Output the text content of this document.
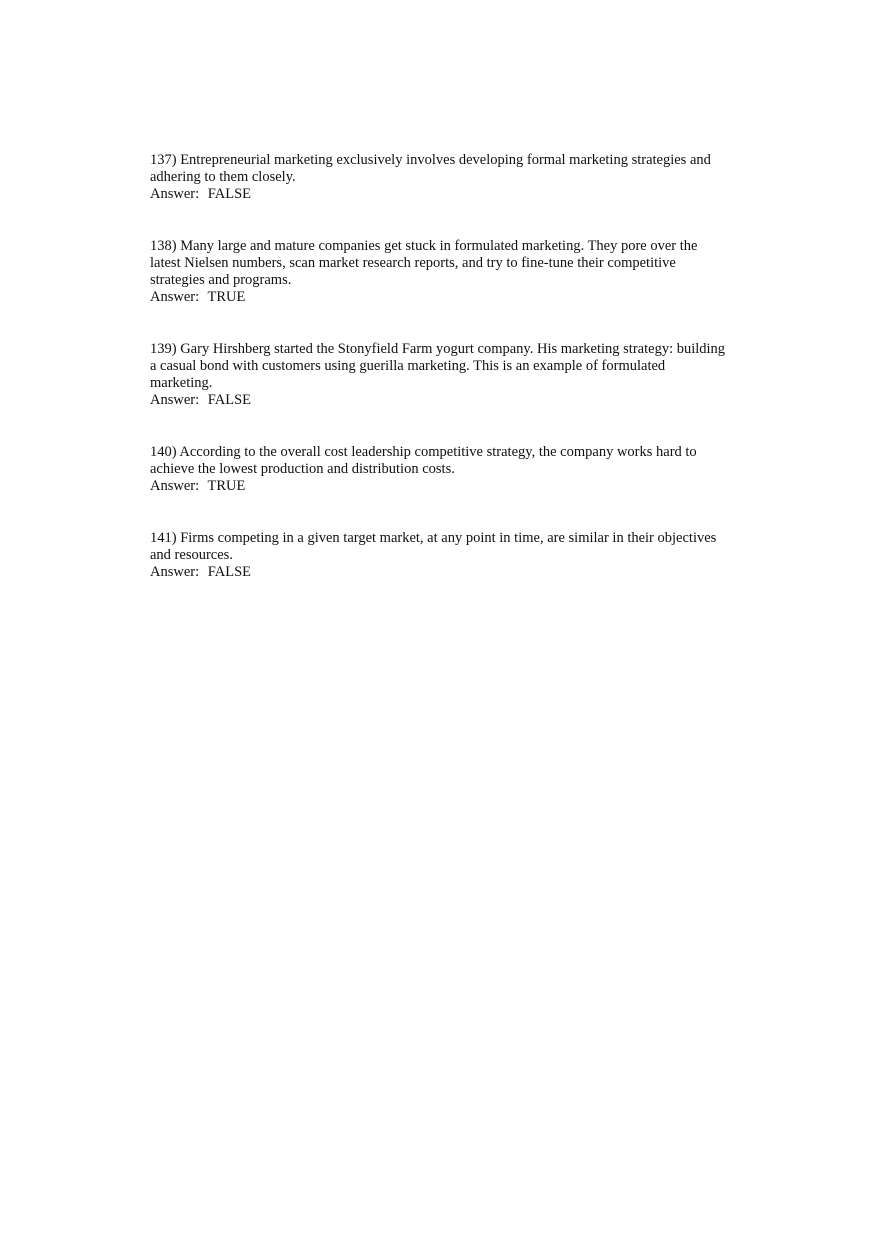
137) Entrepreneurial marketing exclusively involves developing formal marketing strategies and adhering to them closely.

Answer: FALSE

138) Many large and mature companies get stuck in formulated marketing. They pore over the latest Nielsen numbers, scan market research reports, and try to fine-tune their competitive strategies and programs.

Answer: TRUE

139) Gary Hirshberg started the Stonyfield Farm yogurt company. His marketing strategy: building a casual bond with customers using guerilla marketing. This is an example of formulated marketing.

Answer: FALSE

140) According to the overall cost leadership competitive strategy, the company works hard to achieve the lowest production and distribution costs.

Answer: TRUE

141) Firms competing in a given target market, at any point in time, are similar in their objectives and resources.

Answer: FALSE
